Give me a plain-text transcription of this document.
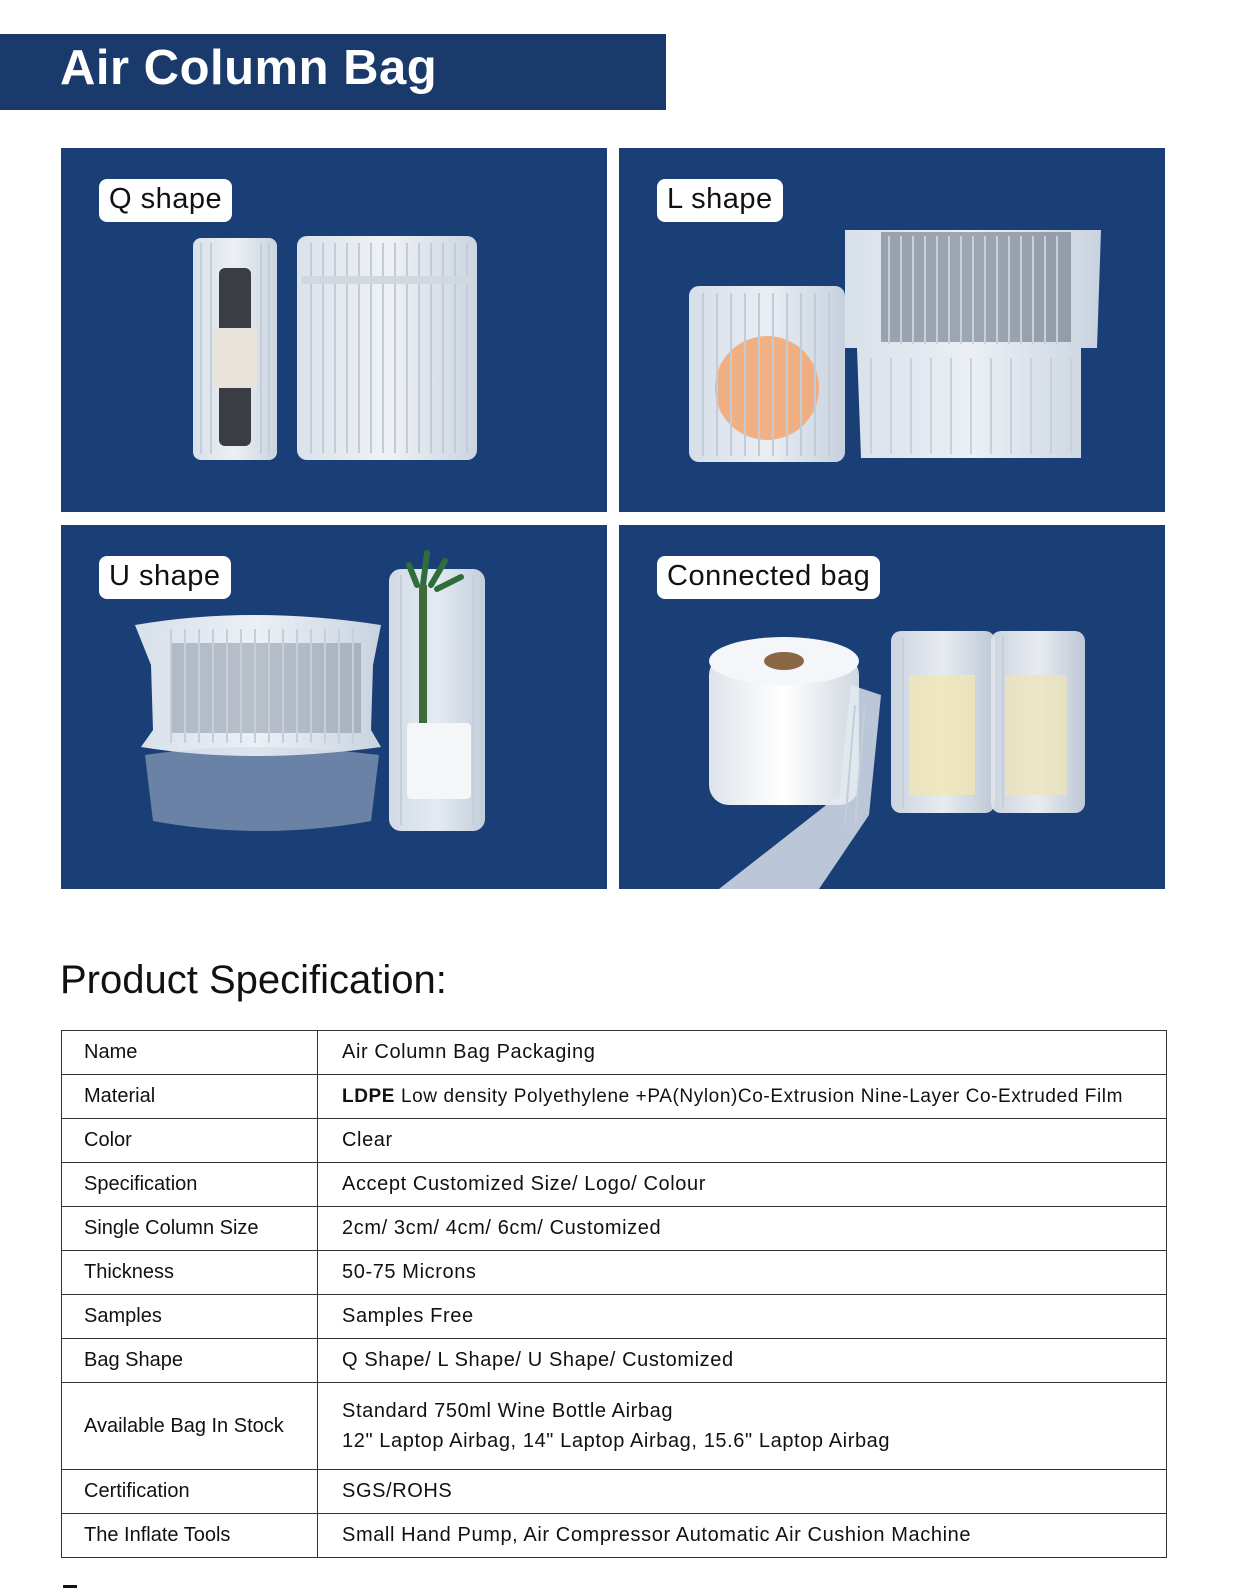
Air Column Bag
Q shape	L shape
U shape	Connected bag
Product Specification:
Name	Air Column Bag Packaging
Material	LDPE Low density Polyethylene +PA(Nylon)Co-Extrusion Nine-Layer Co-Extruded Film
Color	Clear
Specification	Accept Customized Size/ Logo/ Colour
Single Column Size	2cm/ 3cm/ 4cm/ 6cm/ Customized
Thickness	50-75 Microns
Samples	Samples Free
Bag Shape	Q Shape/ L Shape/ U Shape/ Customized
Available Bag In Stock	Standard 750ml Wine Bottle Airbag
12" Laptop Airbag, 14" Laptop Airbag, 15.6" Laptop Airbag

Certification	SGS/ROHS
The Inflate Tools	Small Hand Pump, Air Compressor Automatic Air Cushion Machine
